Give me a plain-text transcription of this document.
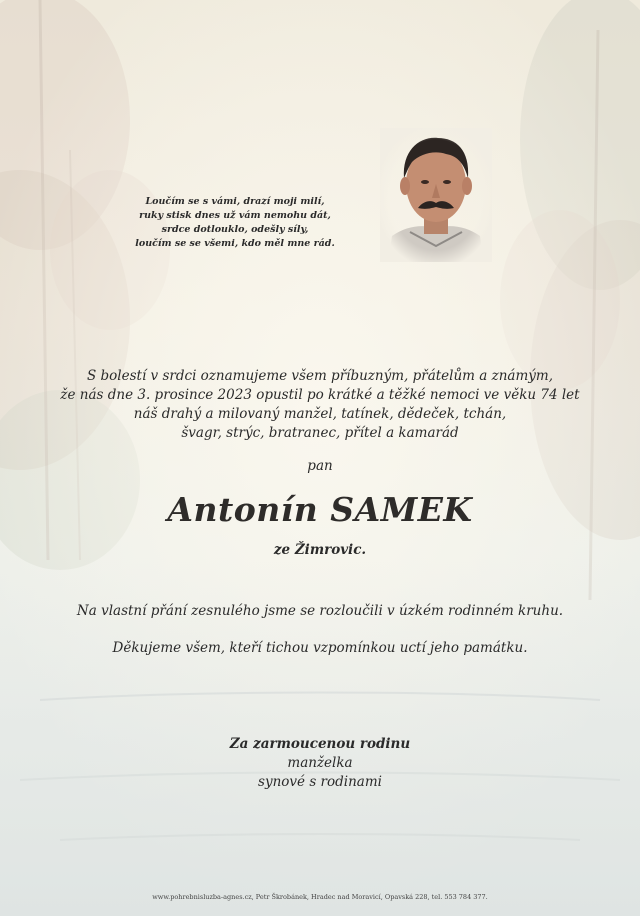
Loučím se s vámi, drazí moji milí,
ruky stisk dnes už vám nemohu dát,
srdce dotlouklo, odešly síly,
loučím se se všemi, kdo měl mne rád.
S bolestí v srdci oznamujeme všem příbuzným, přátelům a známým,
že nás dne 3. prosince 2023 opustil po krátké a těžké nemoci ve věku 74 let
náš drahý a milovaný manžel, tatínek, dědeček, tchán,
švagr, strýc, bratranec, přítel a kamarád
pan
Antonín SAMEK
ze Žimrovic.
Na vlastní přání zesnulého jsme se rozloučili v úzkém rodinném kruhu.
Děkujeme všem, kteří tichou vzpomínkou uctí jeho památku.
Za zarmoucenou rodinu
manželka
synové s rodinami
www.pohrebnisluzba-agnes.cz, Petr Škrobánek, Hradec nad Moravicí, Opavská 228, tel. 553 784 377.
